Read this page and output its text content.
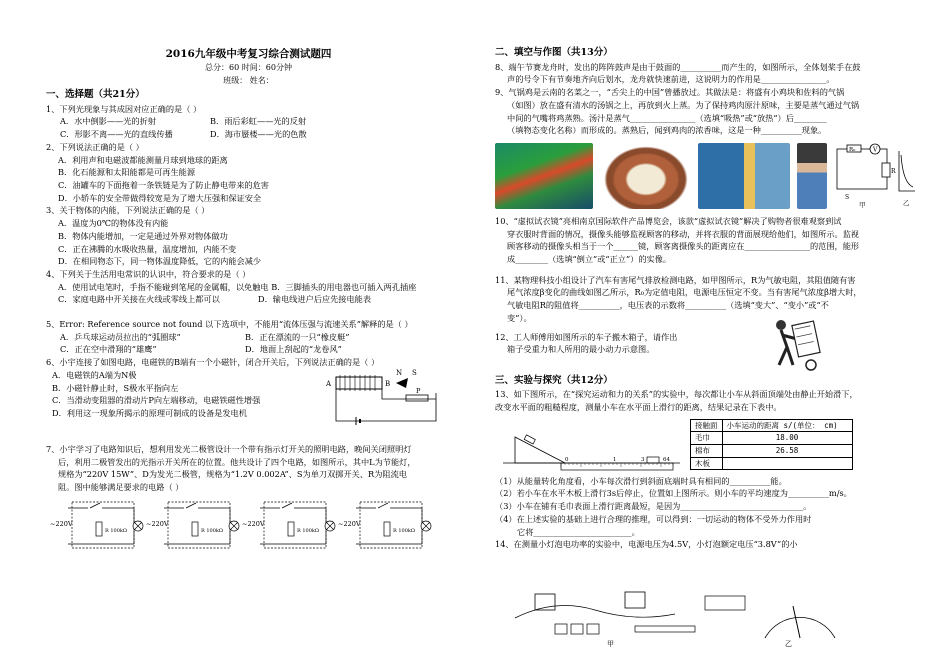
2016九年级中考复习综合测试题四
总分：60 时间：60分钟
班级： 姓名：
一、选择题（共21分）
1、下列光现象与其成因对应正确的是（ ）
A．水中倒影——光的折射	B．雨后彩虹——光的反射
C．形影不离——光的直线传播	D．海市蜃楼——光的色散
2、下列说法正确的是（ ）
A．利用声和电磁波都能测量月球到地球的距离
B．化石能源和太阳能都是可再生能源
C．油罐车的下面拖着一条铁链是为了防止静电带来的危害
D．小轿车的安全带做得较宽是为了增大压强和保证安全
3、关于物体的内能，下列说法正确的是（ ）
A．温度为0℃的物体没有内能
B．物体内能增加，一定是通过外界对物体做功
C．正在沸腾的水吸收热量，温度增加，内能不变
D．在相同物态下，同一物体温度降低，它的内能会减少
4、下列关于生活用电常识的认识中，符合要求的是（ ）
A．使用试电笔时，手指不能碰到笔尾的金属帽，以免触电 B．三脚插头的用电器也可插入两孔插座
C．家庭电路中开关接在火线或零线上都可以	D．输电线进户后应先接电能表
5、Error: Reference source not found 以下选项中，不能用“流体压强与流速关系”解释的是（ ）
A．乒乓球运动员拉出的“弧圈球”	B．正在漂流的一只“橡皮艇”
C．正在空中滑翔的“雄鹰”	D．地面上刮起的“龙卷风”
6、小宇连接了如图电路，电磁铁的B端有一个小磁针，闭合开关后，下列说法正确的是（ ）
A．电磁铁的A端为N极
B．小磁针静止时，S极水平指向左
C．当滑动变阻器的滑动片P向左端移动，电磁铁磁性增强
D．利用这一现象所揭示的原理可制成的设备是发电机
A	B
N S
P
7、小宇学习了电路知识后，想利用发光二极管设计一个带有指示灯开关的照明电路，晚间关闭照明灯
后，利用二极管发出的光指示开关所在的位置。他共设计了四个电路，如图所示，其中L为节能灯，
规格为“220V 15W”、D为发光二极管，规格为“1.2V 0.002A”、S为单刀双掷开关、R为阻流电
阻。图中能够满足要求的电路（ ）
~220V
R 100kΩ
~220V
R 100kΩ
~220V
R 100kΩ
~220V
R 100kΩ
二、填空与作图（共13分）
8、端午节赛龙舟时，发出的阵阵鼓声是由于鼓面的__________而产生的，如图所示，全体划桨手在鼓
声的号令下有节奏地齐向后划水，龙舟就快速前进，这说明力的作用是________________。
9、气锅鸡是云南的名菜之一，“舌尖上的中国”曾播放过。其做法是：将盛有小鸡块和佐料的气锅
（如图）放在盛有清水的汤锅之上，再放到火上蒸。为了保持鸡肉原汁原味，主要是蒸气通过气锅
中间的气嘴将鸡蒸熟。汤汁是蒸气________________（选填“吸热”或“放热”）后________
（填物态变化名称）而形成的。蒸熟后，闻到鸡肉的浓香味，这是一种__________现象。

R₀	V
R
S
甲	乙
10、“虚拟试衣镜”亮相南京国际软件产品博览会，该款“虚拟试衣镜”解决了购物者很难观察到试
穿衣服时背面的情况，摄像头能够监视顾客的移动，并将衣服的背面展现给他们，如图所示。监视
顾客移动的摄像头相当于一个______镜，顾客离摄像头的距离应在________________的范围，能形
成________（选填“倒立”或“正立”）的实像。
11、某物理科技小组设计了汽车有害尾气排放检测电路，如甲图所示，R为气敏电阻，其阻值随有害
尾气浓度β变化的曲线如图乙所示，R₀为定值电阻，电源电压恒定不变。当有害尾气浓度β增大时，
气敏电阻R的阻值将__________，电压表的示数将__________（选填“变大”、“变小”或“不
变”）。
12、工人师傅用如图所示的车子搬木箱子，请作出
箱子受重力和人所用的最小动力示意图。
三、实验与探究（共12分）
13、如下图所示，在“探究运动和力的关系”的实验中，每次都让小车从斜面顶端处由静止开始滑下，
改变水平面的粗糙程度，测量小车在水平面上滑行的距离，结果记录在下表中。
0	1	3	64
接触面	小车运动的距离 s/(单位： cm)
毛巾	18.00
棉布	26.58
木板	
（1）从能量转化角度看，小车每次滑行到斜面底端时具有相同的__________能。
（2）若小车在水平木板上滑行3s后停止，位置如上图所示。则小车的平均速度为__________m/s。
（3）小车在铺有毛巾表面上滑行距离最短，是因为______________________________。
（4）在上述实验的基础上进行合理的推理，可以得到：一切运动的物体不受外力作用时
它将________________________。
14、在测量小灯泡电功率的实验中，电源电压为4.5V，小灯泡额定电压“3.8V”的小
甲	乙
